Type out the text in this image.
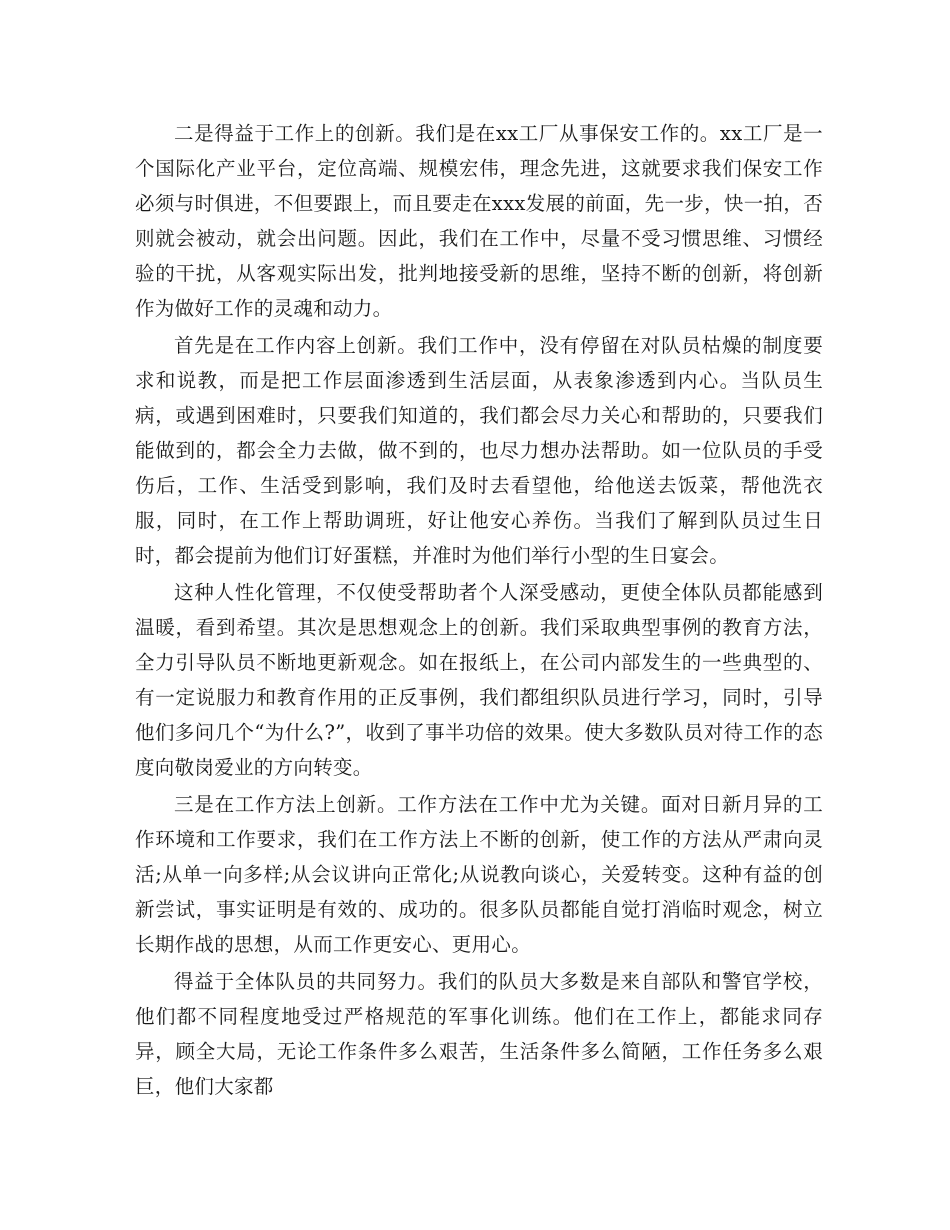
二是得益于工作上的创新。我们是在xx工厂从事保安工作的。xx工厂是一个国际化产业平台，定位高端、规模宏伟，理念先进，这就要求我们保安工作必须与时俱进，不但要跟上，而且要走在xxx发展的前面，先一步，快一拍，否则就会被动，就会出问题。因此，我们在工作中，尽量不受习惯思维、习惯经验的干扰，从客观实际出发，批判地接受新的思维，坚持不断的创新，将创新作为做好工作的灵魂和动力。

首先是在工作内容上创新。我们工作中，没有停留在对队员枯燥的制度要求和说教，而是把工作层面渗透到生活层面，从表象渗透到内心。当队员生病，或遇到困难时，只要我们知道的，我们都会尽力关心和帮助的，只要我们能做到的，都会全力去做，做不到的，也尽力想办法帮助。如一位队员的手受伤后，工作、生活受到影响，我们及时去看望他，给他送去饭菜，帮他洗衣服，同时，在工作上帮助调班，好让他安心养伤。当我们了解到队员过生日时，都会提前为他们订好蛋糕，并准时为他们举行小型的生日宴会。

这种人性化管理，不仅使受帮助者个人深受感动，更使全体队员都能感到温暖，看到希望。其次是思想观念上的创新。我们采取典型事例的教育方法，全力引导队员不断地更新观念。如在报纸上，在公司内部发生的一些典型的、有一定说服力和教育作用的正反事例，我们都组织队员进行学习，同时，引导他们多问几个“为什么?”，收到了事半功倍的效果。使大多数队员对待工作的态度向敬岗爱业的方向转变。

三是在工作方法上创新。工作方法在工作中尤为关键。面对日新月异的工作环境和工作要求，我们在工作方法上不断的创新，使工作的方法从严肃向灵活;从单一向多样;从会议讲向正常化;从说教向谈心，关爱转变。这种有益的创新尝试，事实证明是有效的、成功的。很多队员都能自觉打消临时观念，树立长期作战的思想，从而工作更安心、更用心。

得益于全体队员的共同努力。我们的队员大多数是来自部队和警官学校，他们都不同程度地受过严格规范的军事化训练。他们在工作上，都能求同存异，顾全大局，无论工作条件多么艰苦，生活条件多么简陋，工作任务多么艰巨，他们大家都
